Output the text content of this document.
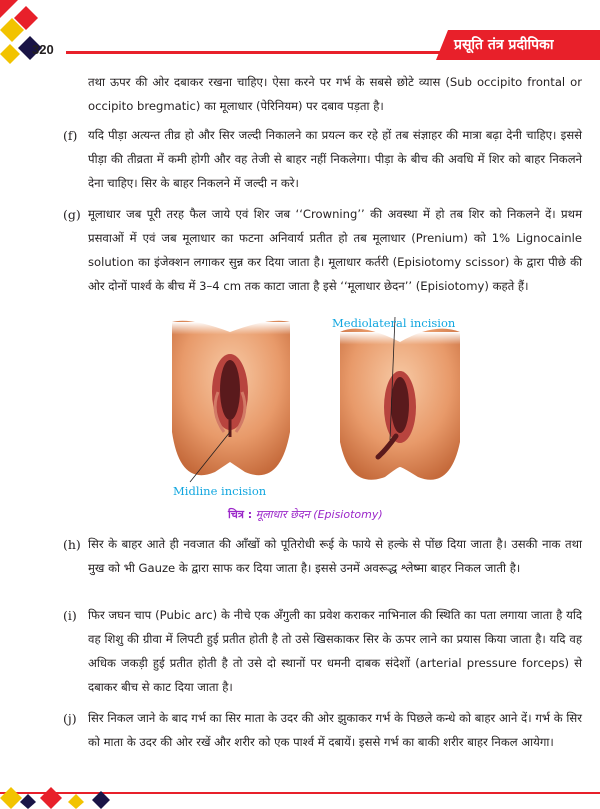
320	प्रसूति तंत्र प्रदीपिका
तथा ऊपर की ओर दबाकर रखना चाहिए। ऐसा करने पर गर्भ के सबसे छोटे व्यास (Sub occipito frontal or occipito bregmatic) का मूलाधार (पेरिनियम) पर दबाव पड़ता है।
(f) यदि पीड़ा अत्यन्त तीव्र हो और सिर जल्दी निकालने का प्रयत्न कर रहे हों तब संज्ञाहर की मात्रा बढ़ा देनी चाहिए। इससे पीड़ा की तीव्रता में कमी होगी और वह तेजी से बाहर नहीं निकलेगा। पीड़ा के बीच की अवधि में शिर को बाहर निकलने देना चाहिए। सिर के बाहर निकलने में जल्दी न करे।
(g) मूलाधार जब पूरी तरह फैल जाये एवं शिर जब ‘‘Crowning’’ की अवस्था में हो तब शिर को निकलने दें। प्रथम प्रसवाओं में एवं जब मूलाधार का फटना अनिवार्य प्रतीत हो तब मूलाधार (Prenium) को 1% Lignocainle solution का इंजेक्शन लगाकर सुन्न कर दिया जाता है। मूलाधार कर्तरी (Episiotomy scissor) के द्वारा पीछे की ओर दोनों पार्श्व के बीच में 3–4 cm तक काटा जाता है इसे ‘‘मूलाधार छेदन’’ (Episiotomy) कहते हैं।
Mediolateral incision
Midline incision
चित्र : मूलाधार छेदन (Episiotomy)
(h) सिर के बाहर आते ही नवजात की आँखों को पूतिरोधी रूई के फाये से हल्के से पोंछ दिया जाता है। उसकी नाक तथा मुख को भी Gauze के द्वारा साफ कर दिया जाता है। इससे उनमें अवरूद्ध श्लेष्मा बाहर निकल जाती है।
(i) फिर जघन चाप (Pubic arc) के नीचे एक अँगुली का प्रवेश कराकर नाभिनाल की स्थिति का पता लगाया जाता है यदि वह शिशु की ग्रीवा में लिपटी हुई प्रतीत होती है तो उसे खिसकाकर सिर के ऊपर लाने का प्रयास किया जाता है। यदि वह अधिक जकड़ी हुई प्रतीत होती है तो उसे दो स्थानों पर धमनी दाबक संदेशों (arterial pressure forceps) से दबाकर बीच से काट दिया जाता है।
(j) सिर निकल जाने के बाद गर्भ का सिर माता के उदर की ओर झुकाकर गर्भ के पिछले कन्धे को बाहर आने दें। गर्भ के सिर को माता के उदर की ओर रखें और शरीर को एक पार्श्व में दबायें। इससे गर्भ का बाकी शरीर बाहर निकल आयेगा।
